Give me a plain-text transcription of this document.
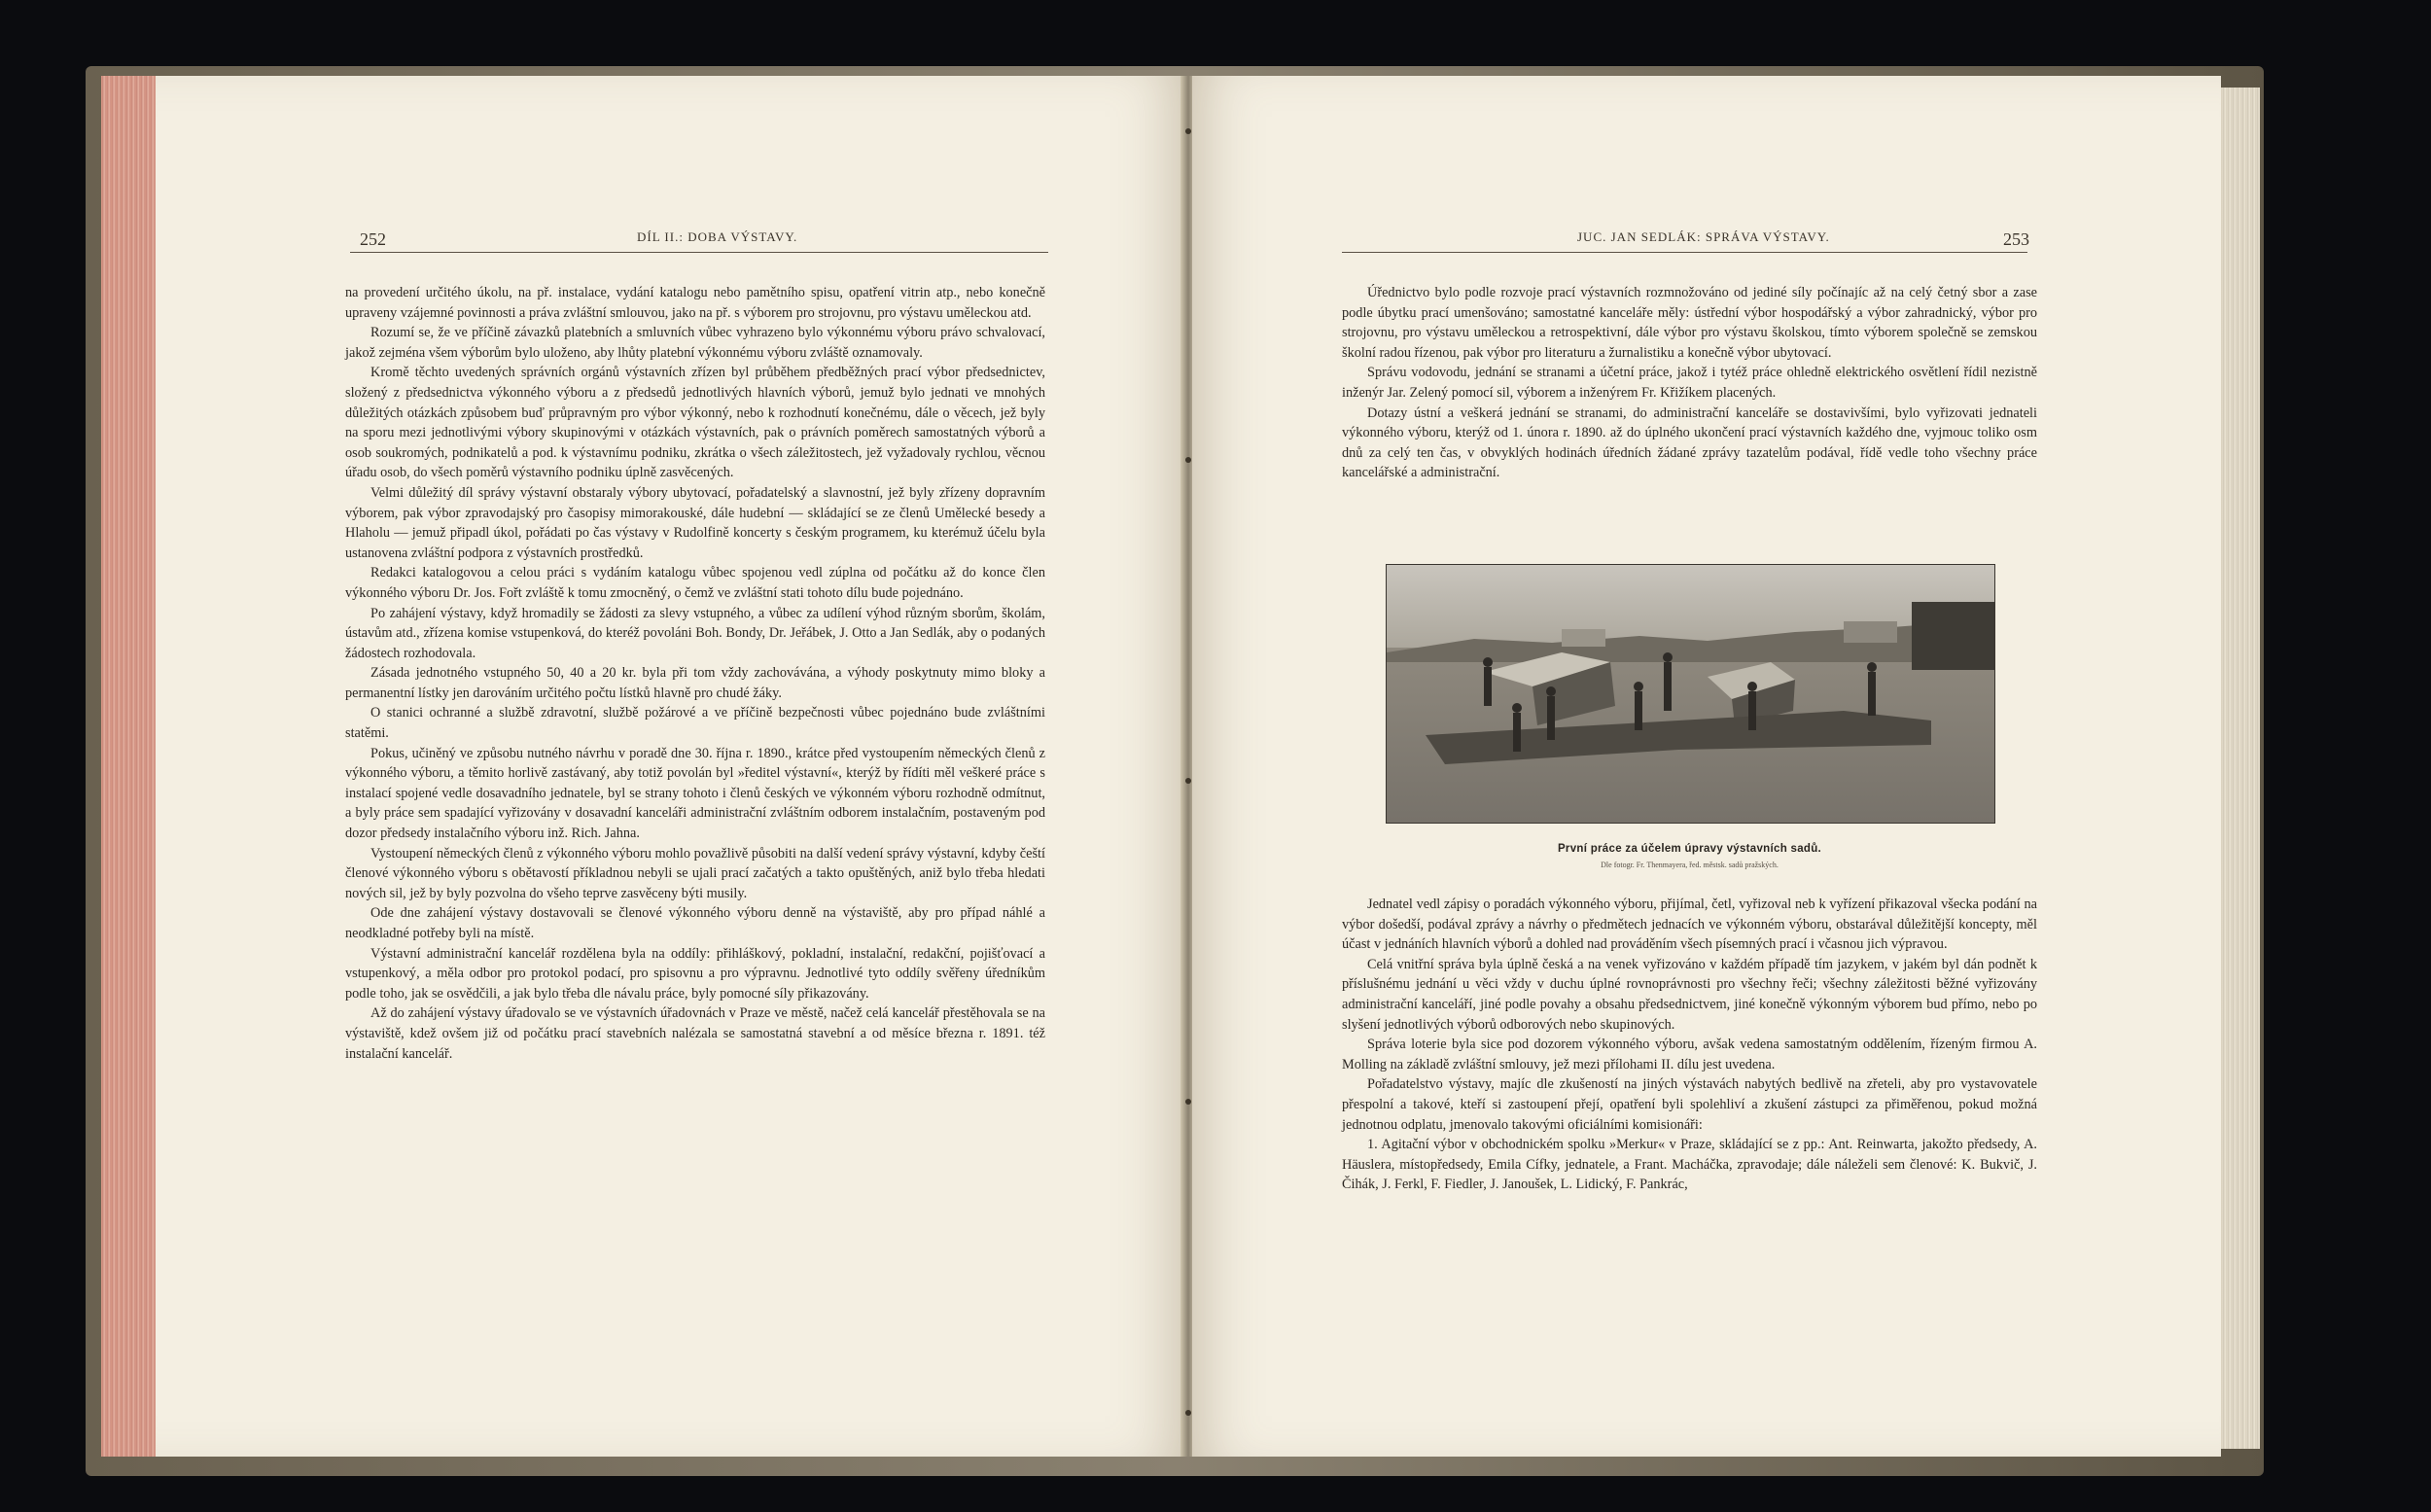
252	DÍL II.: DOBA VÝSTAVY.

na provedení určitého úkolu, na př. instalace, vydání katalogu nebo pamětního spisu, opatření vitrin atp., nebo konečně upraveny vzájemné povinnosti a práva zvláštní smlouvou, jako na př. s výborem pro strojovnu, pro výstavu uměleckou atd.

Rozumí se, že ve příčině závazků platebních a smluvních vůbec vyhrazeno bylo výkonnému výboru právo schvalovací, jakož zejména všem výborům bylo uloženo, aby lhůty platební výkonnému výboru zvláště oznamovaly.

Kromě těchto uvedených správních orgánů výstavních zřízen byl průběhem předběžných prací výbor předsednictev, složený z předsednictva výkonného výboru a z předsedů jednotlivých hlavních výborů, jemuž bylo jednati ve mnohých důležitých otázkách způsobem buď průpravným pro výbor výkonný, nebo k rozhodnutí konečnému, dále o věcech, jež byly na sporu mezi jednotlivými výbory skupinovými v otázkách výstavních, pak o právních poměrech samostatných výborů a osob soukromých, podnikatelů a pod. k výstavnímu podniku, zkrátka o všech záležitostech, jež vyžadovaly rychlou, věcnou úřadu osob, do všech poměrů výstavního podniku úplně zasvěcených.

Velmi důležitý díl správy výstavní obstaraly výbory ubytovací, pořadatelský a slavnostní, jež byly zřízeny dopravním výborem, pak výbor zpravodajský pro časopisy mimorakouské, dále hudební — skládající se ze členů Umělecké besedy a Hlaholu — jemuž připadl úkol, pořádati po čas výstavy v Rudolfině koncerty s českým programem, ku kterémuž účelu byla ustanovena zvláštní podpora z výstavních prostředků.

Redakci katalogovou a celou práci s vydáním katalogu vůbec spojenou vedl zúplna od počátku až do konce člen výkonného výboru Dr. Jos. Fořt zvláště k tomu zmocněný, o čemž ve zvláštní stati tohoto dílu bude pojednáno.

Po zahájení výstavy, když hromadily se žádosti za slevy vstupného, a vůbec za udílení výhod různým sborům, školám, ústavům atd., zřízena komise vstupenková, do kteréž povoláni Boh. Bondy, Dr. Jeřábek, J. Otto a Jan Sedlák, aby o podaných žádostech rozhodovala.

Zásada jednotného vstupného 50, 40 a 20 kr. byla při tom vždy zachovávána, a výhody poskytnuty mimo bloky a permanentní lístky jen darováním určitého počtu lístků hlavně pro chudé žáky.

O stanici ochranné a službě zdravotní, službě požárové a ve příčině bezpečnosti vůbec pojednáno bude zvláštními statěmi.

Pokus, učiněný ve způsobu nutného návrhu v poradě dne 30. října r. 1890., krátce před vystoupením německých členů z výkonného výboru, a těmito horlivě zastávaný, aby totiž povolán byl »ředitel výstavní«, kterýž by řídíti měl veškeré práce s instalací spojené vedle dosavadního jednatele, byl se strany tohoto i členů českých ve výkonném výboru rozhodně odmítnut, a byly práce sem spadající vyřizovány v dosavadní kanceláři administrační zvláštním odborem instalačním, postaveným pod dozor předsedy instalačního výboru inž. Rich. Jahna.

Vystoupení německých členů z výkonného výboru mohlo považlivě působiti na další vedení správy výstavní, kdyby čeští členové výkonného výboru s obětavostí příkladnou nebyli se ujali prací začatých a takto opuštěných, aniž bylo třeba hledati nových sil, jež by byly pozvolna do všeho teprve zasvěceny býti musily.

Ode dne zahájení výstavy dostavovali se členové výkonného výboru denně na výstaviště, aby pro případ náhlé a neodkladné potřeby byli na místě.

Výstavní administrační kancelář rozdělena byla na oddíly: přihláškový, pokladní, instalační, redakční, pojišťovací a vstupenkový, a měla odbor pro protokol podací, pro spisovnu a pro výpravnu. Jednotlivé tyto oddíly svěřeny úředníkům podle toho, jak se osvědčili, a jak bylo třeba dle návalu práce, byly pomocné síly přikazovány.

Až do zahájení výstavy úřadovalo se ve výstavních úřadovnách v Praze ve městě, načež celá kancelář přestěhovala se na výstaviště, kdež ovšem již od počátku prací stavebních nalézala se samostatná stavební a od měsíce března r. 1891. též instalační kancelář.

JUC. JAN SEDLÁK: SPRÁVA VÝSTAVY.	253

Úřednictvo bylo podle rozvoje prací výstavních rozmnožováno od jediné síly počínajíc až na celý četný sbor a zase podle úbytku prací umenšováno; samostatné kanceláře měly: ústřední výbor hospodářský a výbor zahradnický, výbor pro strojovnu, pro výstavu uměleckou a retrospektivní, dále výbor pro výstavu školskou, tímto výborem společně se zemskou školní radou řízenou, pak výbor pro literaturu a žurnalistiku a konečně výbor ubytovací.

Správu vodovodu, jednání se stranami a účetní práce, jakož i tytéž práce ohledně elektrického osvětlení řídil nezistně inženýr Jar. Zelený pomocí sil, výborem a inženýrem Fr. Křižíkem placených.

Dotazy ústní a veškerá jednání se stranami, do administrační kanceláře se dostavivšími, bylo vyřizovati jednateli výkonného výboru, kterýž od 1. února r. 1890. až do úplného ukončení prací výstavních každého dne, vyjmouc toliko osm dnů za celý ten čas, v obvyklých hodinách úředních žádané zprávy tazatelům podával, řídě vedle toho všechny práce kancelářské a administrační.

První práce za účelem úpravy výstavních sadů.
Dle fotogr. Fr. Thenmayera, řed. městsk. sadů pražských.

Jednatel vedl zápisy o poradách výkonného výboru, přijímal, četl, vyřizoval neb k vyřízení přikazoval všecka podání na výbor došedší, podával zprávy a návrhy o předmětech jednacích ve výkonném výboru, obstarával důležitější koncepty, měl účast v jednáních hlavních výborů a dohled nad prováděním všech písemných prací i včasnou jich výpravou.

Celá vnitřní správa byla úplně česká a na venek vyřizováno v každém případě tím jazykem, v jakém byl dán podnět k příslušnému jednání u věci vždy v duchu úplné rovnoprávnosti pro všechny řeči; všechny záležitosti běžné vyřizovány administrační kanceláří, jiné podle povahy a obsahu předsednictvem, jiné konečně výkonným výborem bud přímo, nebo po slyšení jednotlivých výborů odborových nebo skupinových.

Správa loterie byla sice pod dozorem výkonného výboru, avšak vedena samostatným oddělením, řízeným firmou A. Molling na základě zvláštní smlouvy, jež mezi přílohami II. dílu jest uvedena.

Pořadatelstvo výstavy, majíc dle zkušeností na jiných výstavách nabytých bedlivě na zřeteli, aby pro vystavovatele přespolní a takové, kteří si zastoupení přejí, opatření byli spolehliví a zkušení zástupci za přiměřenou, pokud možná jednotnou odplatu, jmenovalo takovými oficiálními komisionáři:

1. Agitační výbor v obchodnickém spolku »Merkur« v Praze, skládající se z pp.: Ant. Reinwarta, jakožto předsedy, A. Häuslera, místopředsedy, Emila Cífky, jednatele, a Frant. Macháčka, zpravodaje; dále náleželi sem členové: K. Bukvič, J. Čihák, J. Ferkl, F. Fiedler, J. Janoušek, L. Lidický, F. Pankrác,
